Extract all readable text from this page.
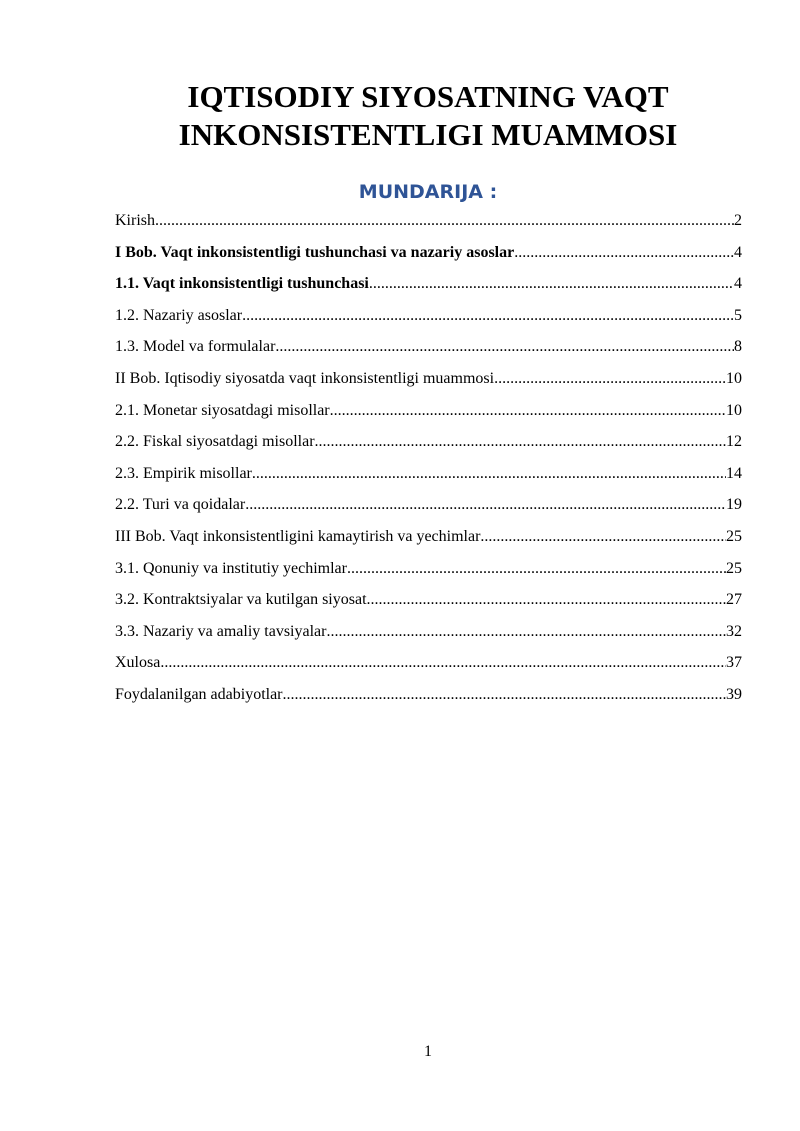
IQTISODIY SIYOSATNING VAQT
INKONSISTENTLIGI MUAMMOSI
MUNDARIJA :
Kirish .....	2
I Bob. Vaqt inkonsistentligi tushunchasi va nazariy asoslar .....	4
1.1. Vaqt inkonsistentligi tushunchasi .....	4
1.2. Nazariy asoslar .....	5
1.3. Model va formulalar .....	8
II Bob. Iqtisodiy siyosatda vaqt inkonsistentligi muammosi .....	10
2.1. Monetar siyosatdagi misollar .....	10
2.2. Fiskal siyosatdagi misollar .....	12
2.3. Empirik misollar .....	14
2.2. Turi va qoidalar .....	19
III Bob. Vaqt inkonsistentligini kamaytirish va yechimlar .....	25
3.1. Qonuniy va institutiy yechimlar .....	25
3.2. Kontraktsiyalar va kutilgan siyosat .....	27
3.3. Nazariy va amaliy tavsiyalar .....	32
Xulosa .....	37
Foydalanilgan adabiyotlar .....	39
1
